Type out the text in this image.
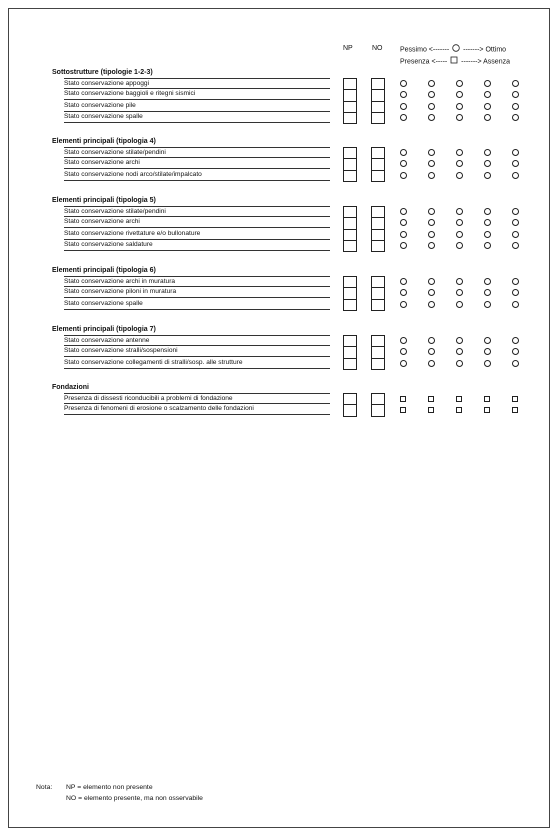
NP	NO	Pessimo <------- -------> Ottimo
Presenza <----- -------> Assenza
Sottostrutture (tipologie 1-2-3)
Stato conservazione appoggi
Stato conservazione baggioli e ritegni sismici
Stato conservazione pile
Stato conservazione spalle
Elementi principali (tipologia 4)
Stato conservazione stilate/pendini
Stato conservazione archi
Stato conservazione nodi arco/stilate/impalcato
Elementi principali (tipologia 5)
Stato conservazione stilate/pendini
Stato conservazione archi
Stato conservazione rivettature e/o bullonature
Stato conservazione saldature
Elementi principali (tipologia 6)
Stato conservazione archi in muratura
Stato conservazione piloni in muratura
Stato conservazione spalle
Elementi principali (tipologia 7)
Stato conservazione antenne
Stato conservazione stralli/sospensioni
Stato conservazione collegamenti di stralli/sosp. alle strutture
Fondazioni
Presenza di dissesti riconducibili a problemi di fondazione
Presenza di fenomeni di erosione o scalzamento delle fondazioni
Nota: NP = elemento non presente
NO = elemento presente, ma non osservabile
